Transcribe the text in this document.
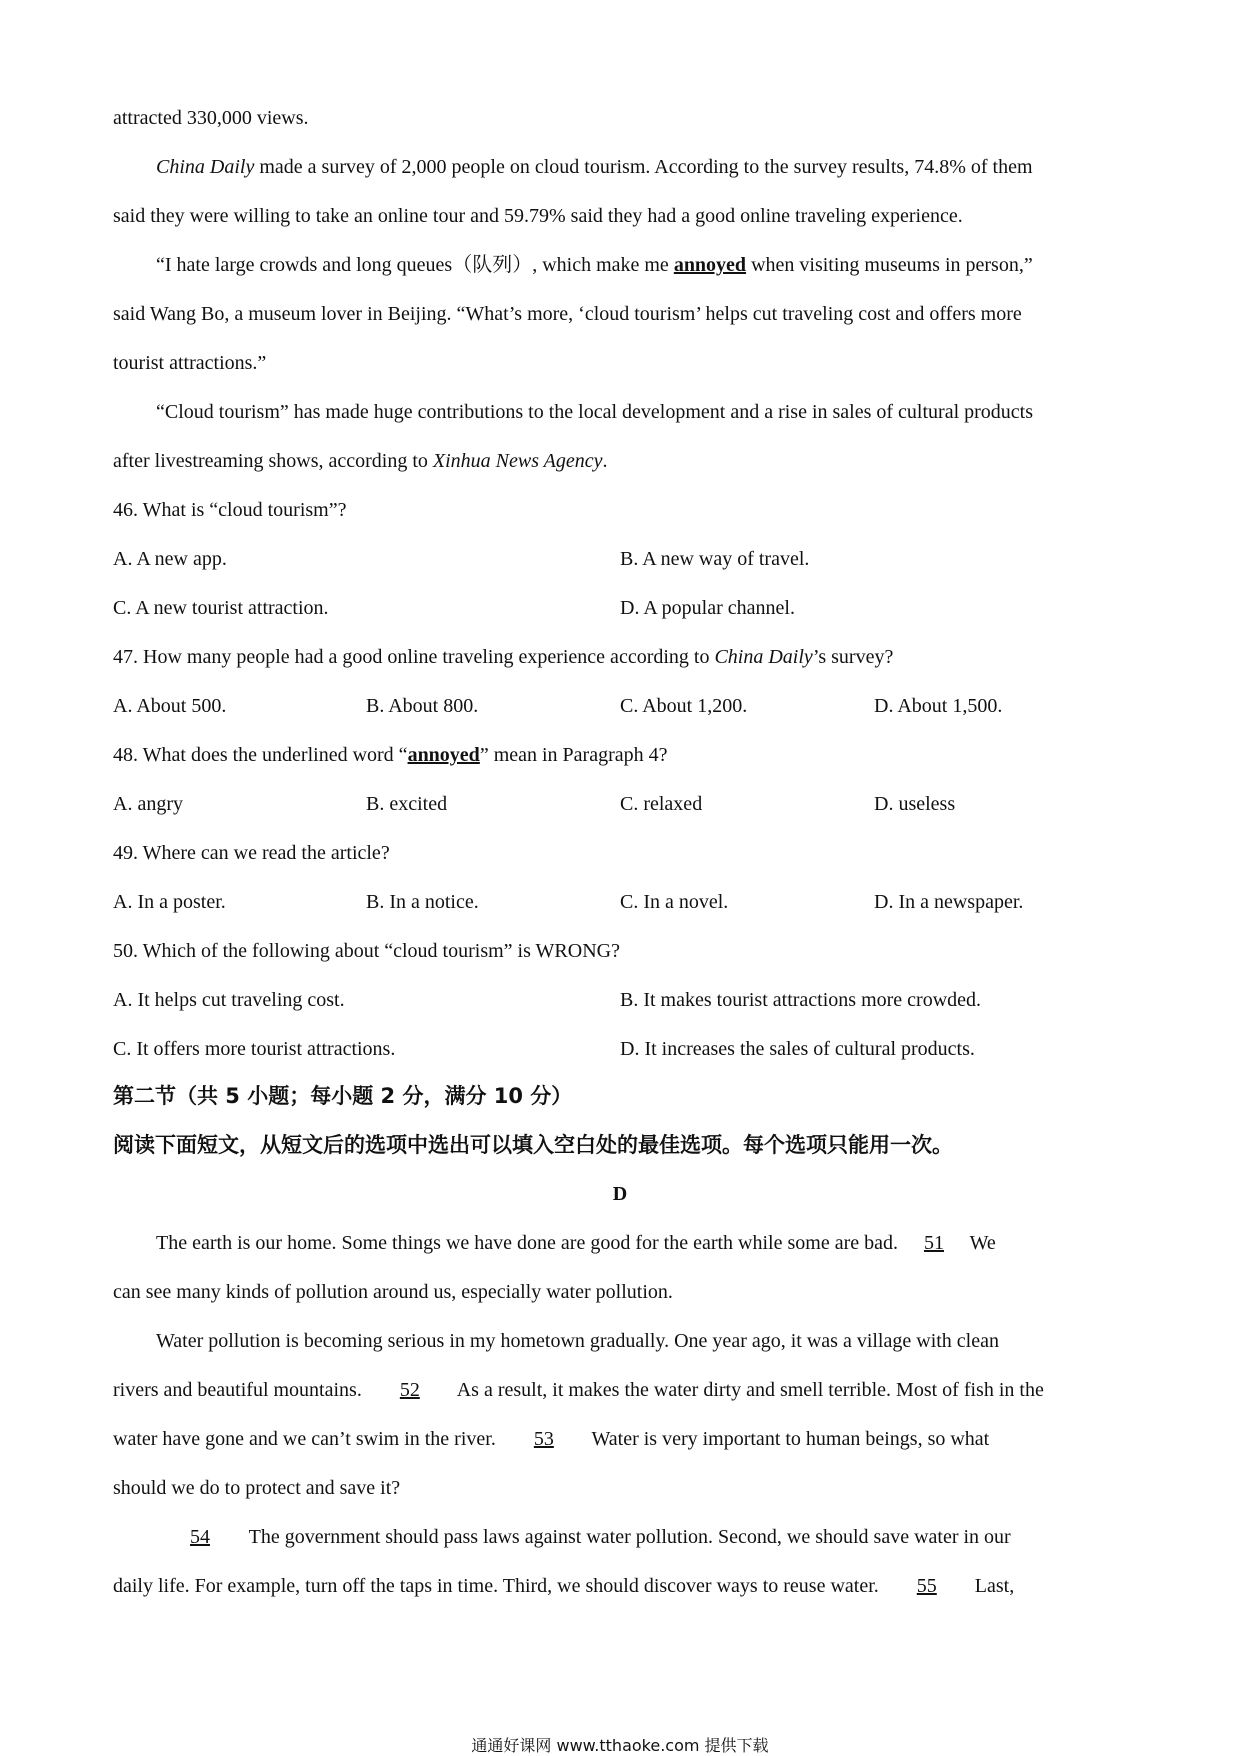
attracted 330,000 views.
China Daily made a survey of 2,000 people on cloud tourism. According to the survey results, 74.8% of them
said they were willing to take an online tour and 59.79% said they had a good online traveling experience.
“I hate large crowds and long queues（队列）, which make me annoyed when visiting museums in person,”
said Wang Bo, a museum lover in Beijing. “What’s more, ‘cloud tourism’ helps cut traveling cost and offers more
tourist attractions.”
“Cloud tourism” has made huge contributions to the local development and a rise in sales of cultural products
after livestreaming shows, according to Xinhua News Agency.
46. What is “cloud tourism”?
A. A new app.	B. A new way of travel.
C. A new tourist attraction.	D. A popular channel.
47. How many people had a good online traveling experience according to China Daily’s survey?
A. About 500.	B. About 800.	C. About 1,200.	D. About 1,500.
48. What does the underlined word “annoyed” mean in Paragraph 4?
A. angry	B. excited	C. relaxed	D. useless
49. Where can we read the article?
A. In a poster.	B. In a notice.	C. In a novel.	D. In a newspaper.
50. Which of the following about “cloud tourism” is WRONG?
A. It helps cut traveling cost.	B. It makes tourist attractions more crowded.
C. It offers more tourist attractions.	D. It increases the sales of cultural products.
第二节（共 5 小题；每小题 2 分，满分 10 分）
阅读下面短文，从短文后的选项中选出可以填入空白处的最佳选项。每个选项只能用一次。
D
The earth is our home. Some things we have done are good for the earth while some are bad. 51 We
can see many kinds of pollution around us, especially water pollution.
Water pollution is becoming serious in my hometown gradually. One year ago, it was a village with clean
rivers and beautiful mountains. 52 As a result, it makes the water dirty and smell terrible. Most of fish in the
water have gone and we can’t swim in the river. 53 Water is very important to human beings, so what
should we do to protect and save it?
54 The government should pass laws against water pollution. Second, we should save water in our
daily life. For example, turn off the taps in time. Third, we should discover ways to reuse water. 55 Last,
通通好课网 www.tthaoke.com 提供下载
